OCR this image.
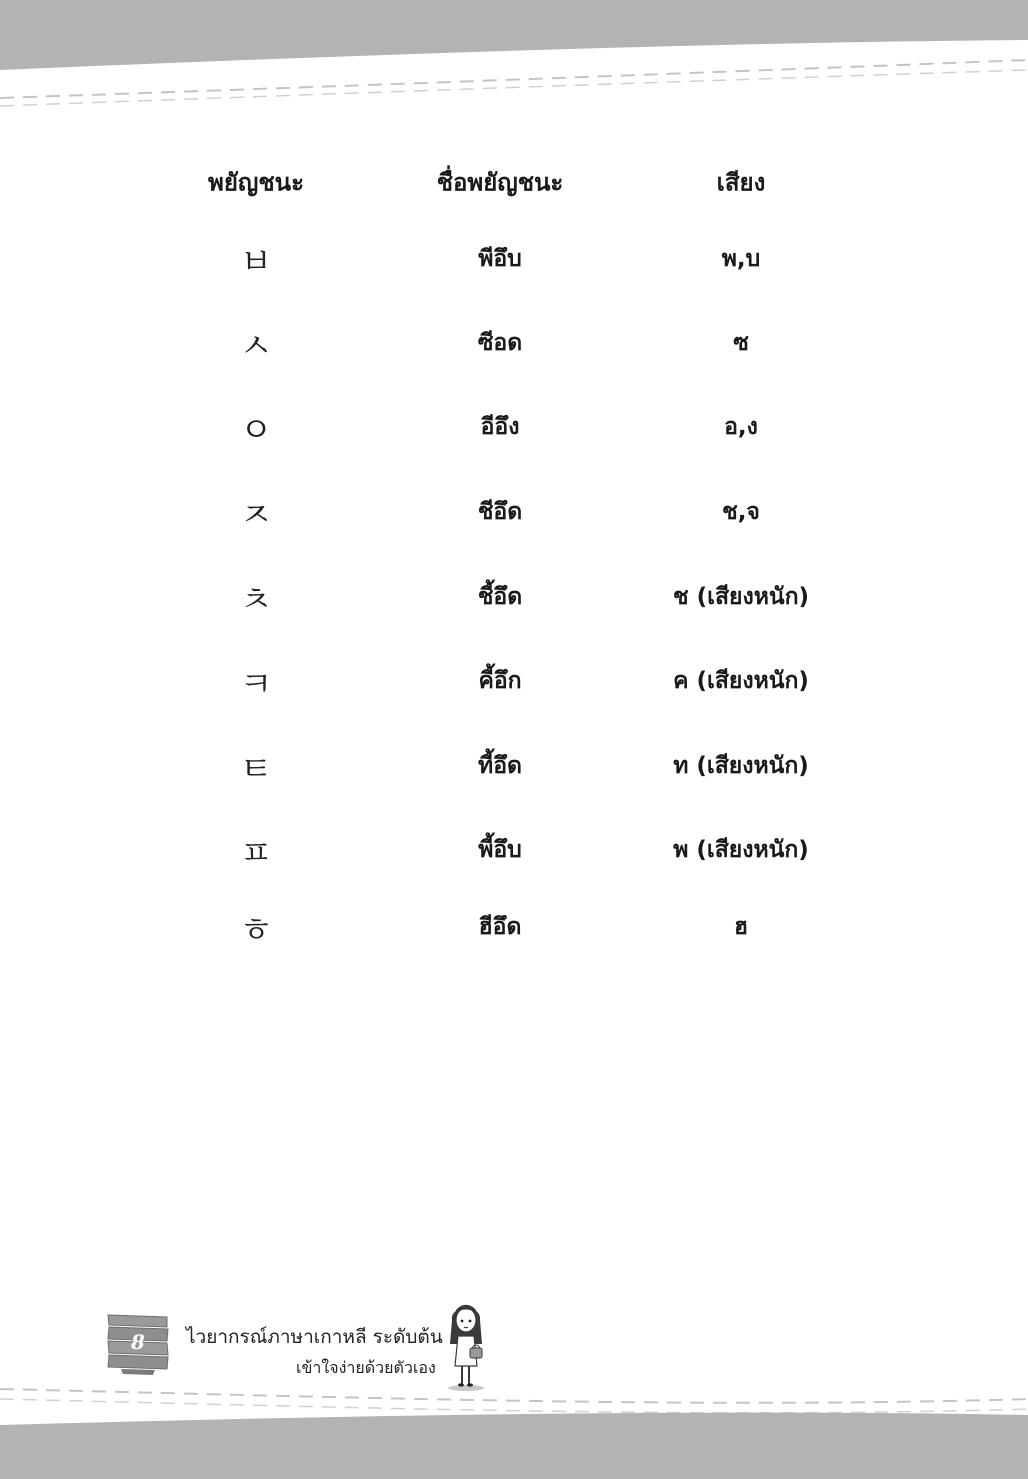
พยัญชนะ	ชื่อพยัญชนะ	เสียง
ㅂ	พีอึบ	พ,บ
ㅅ	ซีอด	ซ
ㅇ	อีอึง	อ,ง
ㅈ	ชีอึด	ช,จ
ㅊ	ชี้อึด	ช (เสียงหนัก)
ㅋ	คี้อึก	ค (เสียงหนัก)
ㅌ	ที้อึด	ท (เสียงหนัก)
ㅍ	พี้อึบ	พ (เสียงหนัก)
ㅎ	ฮีอึด	ฮ
8	ไวยากรณ์ภาษาเกาหลี ระดับต้น
เข้าใจง่ายด้วยตัวเอง
